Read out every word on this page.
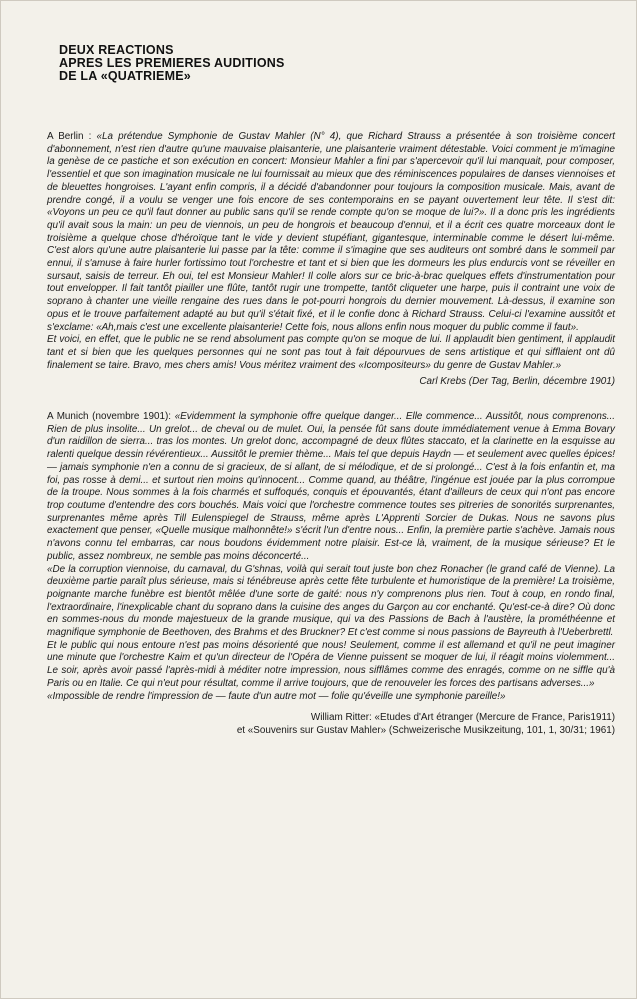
DEUX REACTIONS
APRES LES PREMIERES AUDITIONS
DE LA «QUATRIEME»

A Berlin : «La prétendue Symphonie de Gustav Mahler (N° 4), que Richard Strauss a présentée à son troisième concert d'abonnement, n'est rien d'autre qu'une mauvaise plaisanterie, une plaisanterie vraiment détestable. Voici comment je m'imagine la genèse de ce pastiche et son exécution en concert: Monsieur Mahler a fini par s'apercevoir qu'il lui manquait, pour composer, l'essentiel et que son imagination musicale ne lui fournissait au mieux que des réminiscences populaires de danses viennoises et de bleuettes hongroises. L'ayant enfin compris, il a décidé d'abandonner pour toujours la composition musicale. Mais, avant de prendre congé, il a voulu se venger une fois encore de ses contemporains en se payant ouvertement leur tête. Il s'est dit: «Voyons un peu ce qu'il faut donner au public sans qu'il se rende compte qu'on se moque de lui?». Il a donc pris les ingrédients qu'il avait sous la main: un peu de viennois, un peu de hongrois et beaucoup d'ennui, et il a écrit ces quatre morceaux dont le troisième a quelque chose d'héroïque tant le vide y devient stupéfiant, gigantesque, interminable comme le désert lui-même. C'est alors qu'une autre plaisanterie lui passe par la tête: comme il s'imagine que ses auditeurs ont sombré dans le sommeil par ennui, il s'amuse à faire hurler fortissimo tout l'orchestre et tant et si bien que les dormeurs les plus endurcis vont se réveiller en sursaut, saisis de terreur. Eh oui, tel est Monsieur Mahler! Il colle alors sur ce bric-à-brac quelques effets d'instrumentation pour tout envelopper. Il fait tantôt piailler une flûte, tantôt rugir une trompette, tantôt cliqueter une harpe, puis il contraint une voix de soprano à chanter une vieille rengaine des rues dans le pot-pourri hongrois du dernier mouvement. Là-dessus, il examine son opus et le trouve parfaitement adapté au but qu'il s'était fixé, et il le confie donc à Richard Strauss. Celui-ci l'examine aussitôt et s'exclame: «Ah,mais c'est une excellente plaisanterie! Cette fois, nous allons enfin nous moquer du public comme il faut».

Et voici, en effet, que le public ne se rend absolument pas compte qu'on se moque de lui. Il applaudit bien gentiment, il applaudit tant et si bien que les quelques personnes qui ne sont pas tout à fait dépourvues de sens artistique et qui sifflaient ont dû finalement se taire. Bravo, mes chers amis! Vous méritez vraiment des «Icompositeurs» du genre de Gustav Mahler.»

Carl Krebs (Der Tag, Berlin, décembre 1901)

A Munich (novembre 1901): «Evidemment la symphonie offre quelque danger... Elle commence... Aussitôt, nous comprenons... Rien de plus insolite... Un grelot... de cheval ou de mulet. Oui, la pensée fût sans doute immédiatement venue à Emma Bovary d'un raidillon de sierra... tras los montes. Un grelot donc, accompagné de deux flûtes staccato, et la clarinette en la esquisse au ralenti quelque dessin révérentieux... Aussitôt le premier thème... Mais tel que depuis Haydn — et seulement avec quelles épices! — jamais symphonie n'en a connu de si gracieux, de si allant, de si mélodique, et de si prolongé... C'est à la fois enfantin et, ma foi, pas rosse à demi... et surtout rien moins qu'innocent... Comme quand, au théâtre, l'ingénue est jouée par la plus corrompue de la troupe. Nous sommes à la fois charmés et suffoqués, conquis et épouvantés, étant d'ailleurs de ceux qui n'ont pas encore trop coutume d'entendre des cors bouchés. Mais voici que l'orchestre commence toutes ses pitreries de sonorités surprenantes, surprenantes même après Till Eulenspiegel de Strauss, même après L'Apprenti Sorcier de Dukas. Nous ne savons plus exactement que penser, «Quelle musique malhonnête!» s'écrit l'un d'entre nous... Enfin, la première partie s'achève. Jamais nous n'avons connu tel embarras, car nous boudons évidemment notre plaisir. Est-ce là, vraiment, de la musique sérieuse? Et le public, assez nombreux, ne semble pas moins déconcerté...

«De la corruption viennoise, du carnaval, du G'shnas, voilà qui serait tout juste bon chez Ronacher (le grand café de Vienne). La deuxième partie paraît plus sérieuse, mais si ténébreuse après cette fête turbulente et humoristique de la première! La troisième, poignante marche funèbre est bientôt mêlée d'une sorte de gaité: nous n'y comprenons plus rien. Tout à coup, en rondo final, l'extraordinaire, l'inexplicable chant du soprano dans la cuisine des anges du Garçon au cor enchanté. Qu'est-ce-à dire? Où donc en sommes-nous du monde majestueux de la grande musique, qui va des Passions de Bach à l'austère, la prométhéenne et magnifique symphonie de Beethoven, des Brahms et des Bruckner? Et c'est comme si nous passions de Bayreuth à l'Ueberbrettl.

Et le public qui nous entoure n'est pas moins désorienté que nous! Seulement, comme il est allemand et qu'il ne peut imaginer une minute que l'orchestre Kaim et qu'un directeur de l'Opéra de Vienne puissent se moquer de lui, il réagit moins violemment... Le soir, après avoir passé l'après-midi à méditer notre impression, nous sifflâmes comme des enragés, comme on ne siffle qu'à Paris ou en Italie. Ce qui n'eut pour résultat, comme il arrive toujours, que de renouveler les forces des partisans adverses...»

«Impossible de rendre l'impression de — faute d'un autre mot — folie qu'éveille une symphonie pareille!»

William Ritter: «Etudes d'Art étranger (Mercure de France, Paris1911)
et «Souvenirs sur Gustav Mahler» (Schweizerische Musikzeitung, 101, 1, 30/31; 1961)
